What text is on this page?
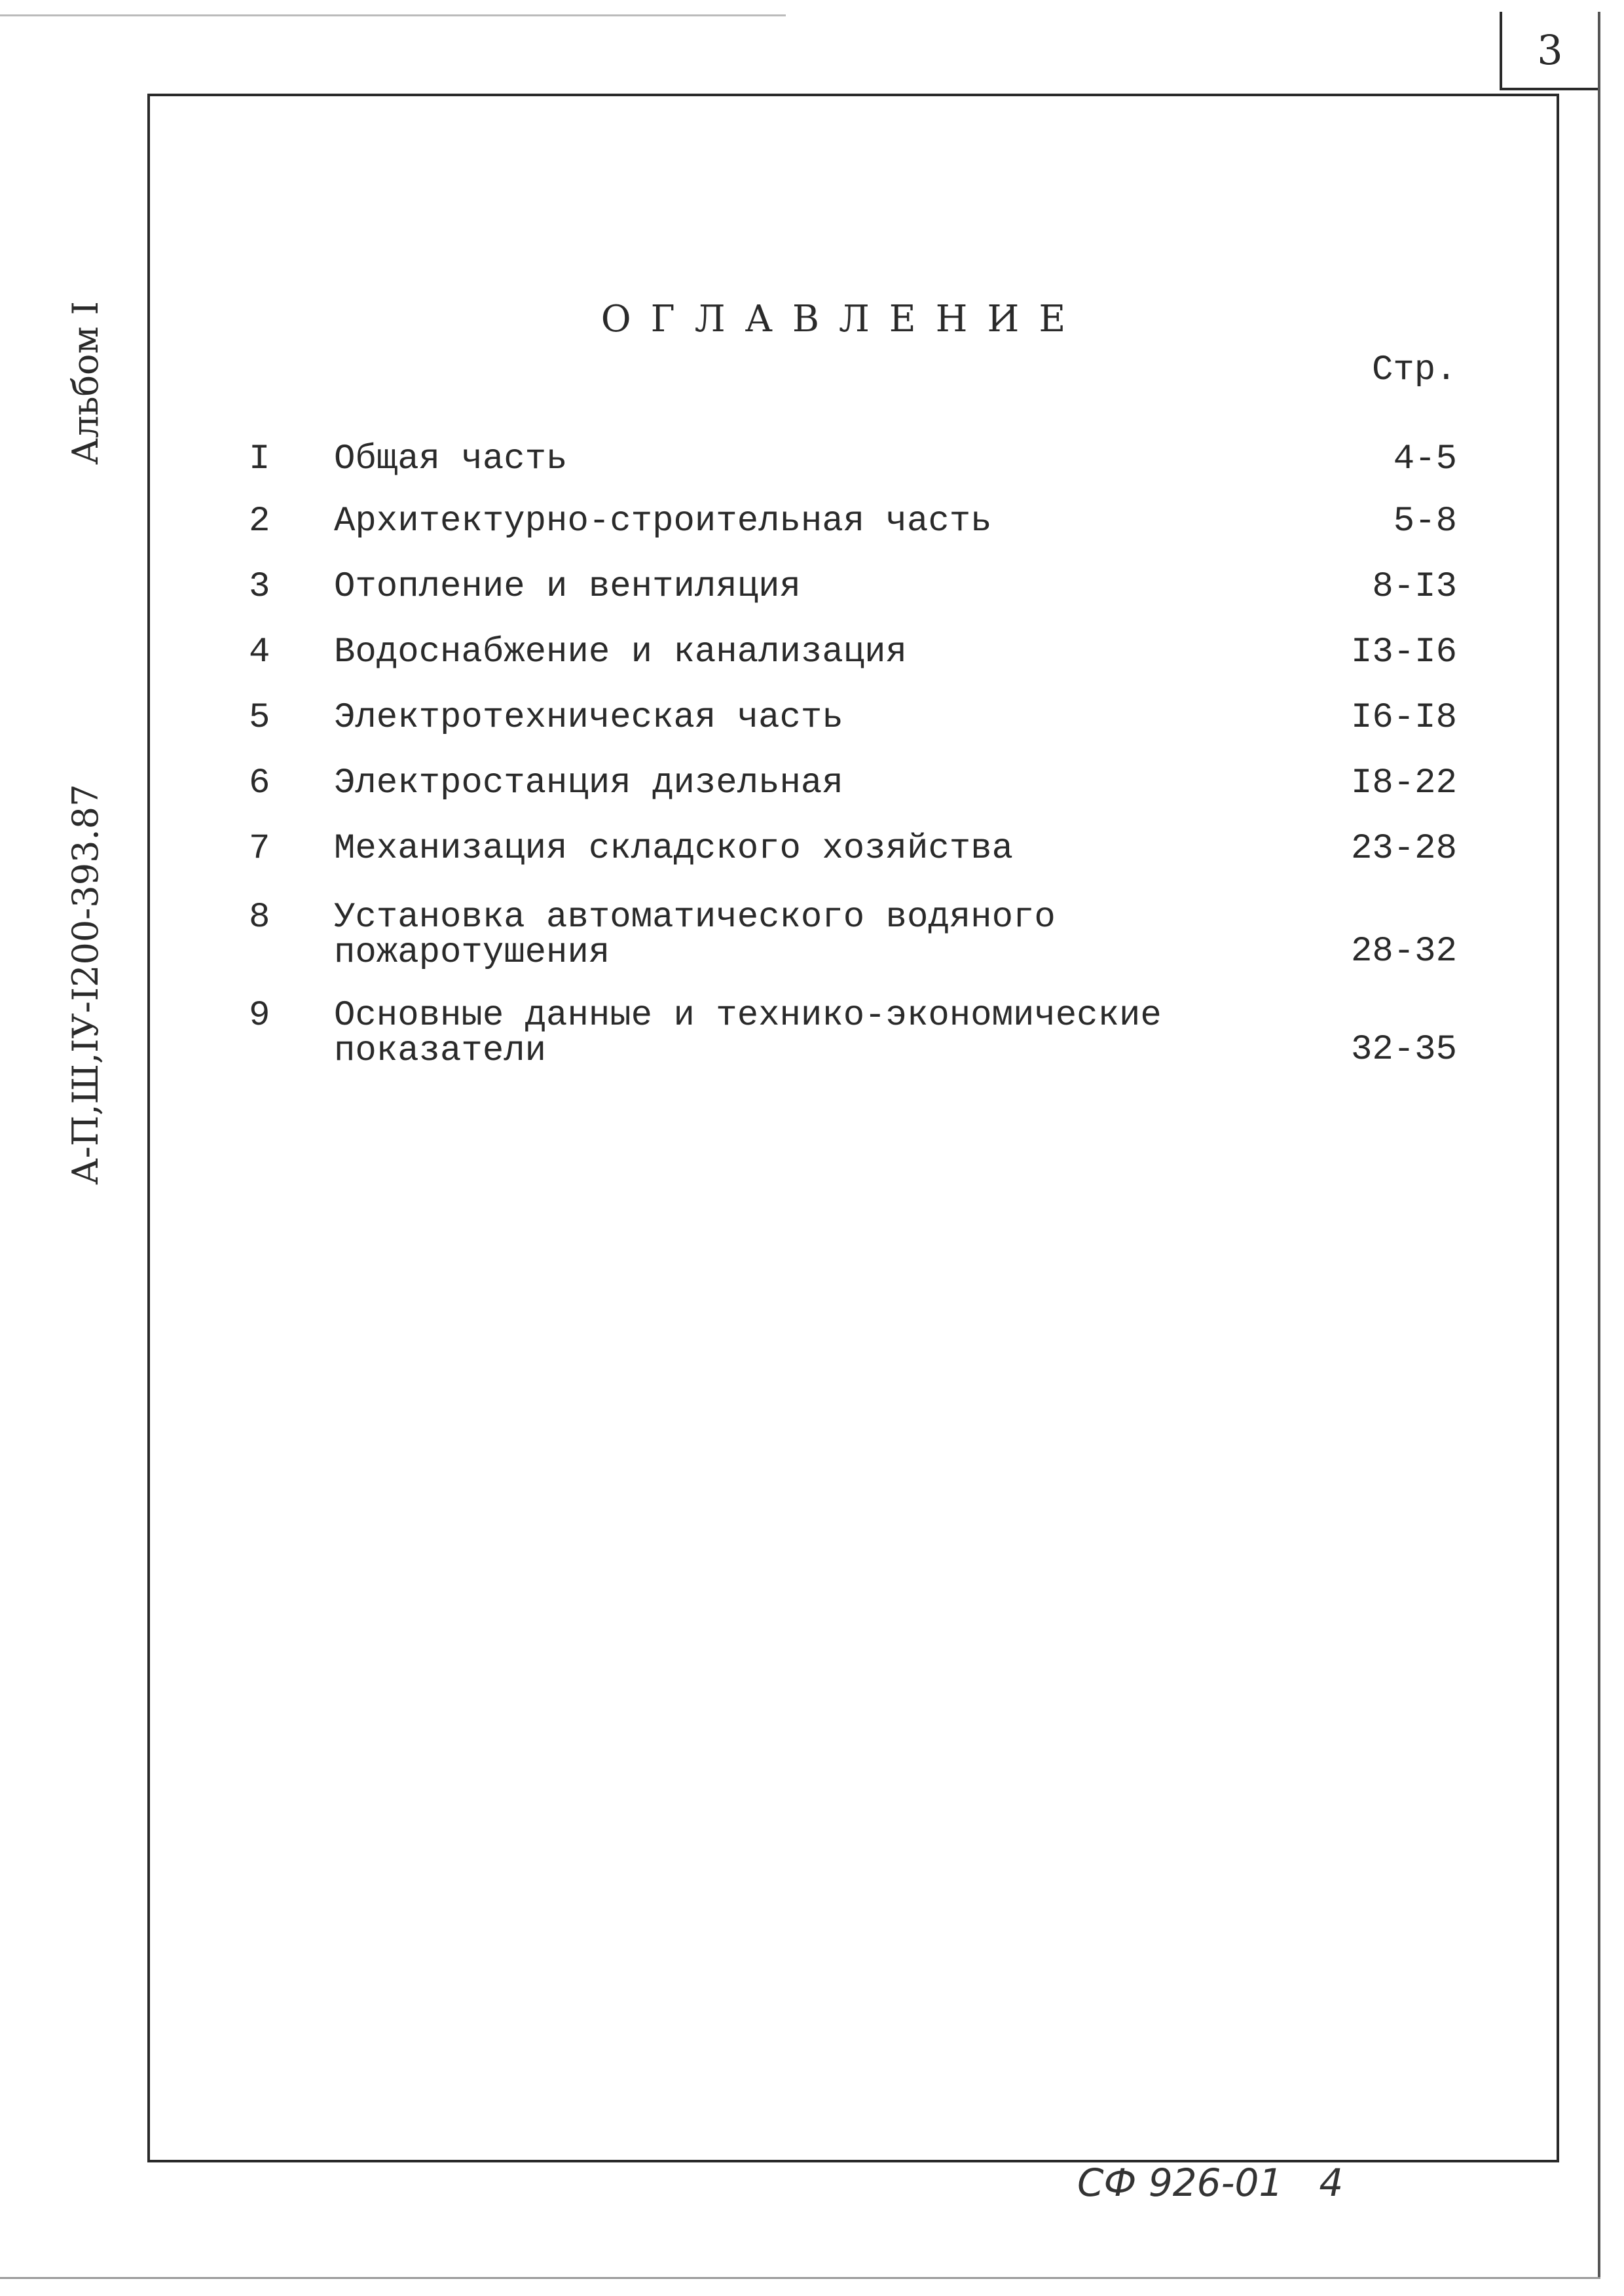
3
А-П,Ш,IУ-I200-393.87
Альбом I	ОГЛАВЛЕНИЕ
Стр.
I Общая часть	4-5
2 Архитектурно-строительная часть	5-8
3 Отопление и вентиляция	8-I3
4 Водоснабжение и канализация	I3-I6
5 Электротехническая часть	I6-I8
6 Электростанция дизельная	I8-22
7 Механизация складского хозяйства	23-28
8 Установка автоматического водяного
пожаротушения	28-32
9 Основные данные и технико-экономические
показатели	32-35
СФ 926-01 4
